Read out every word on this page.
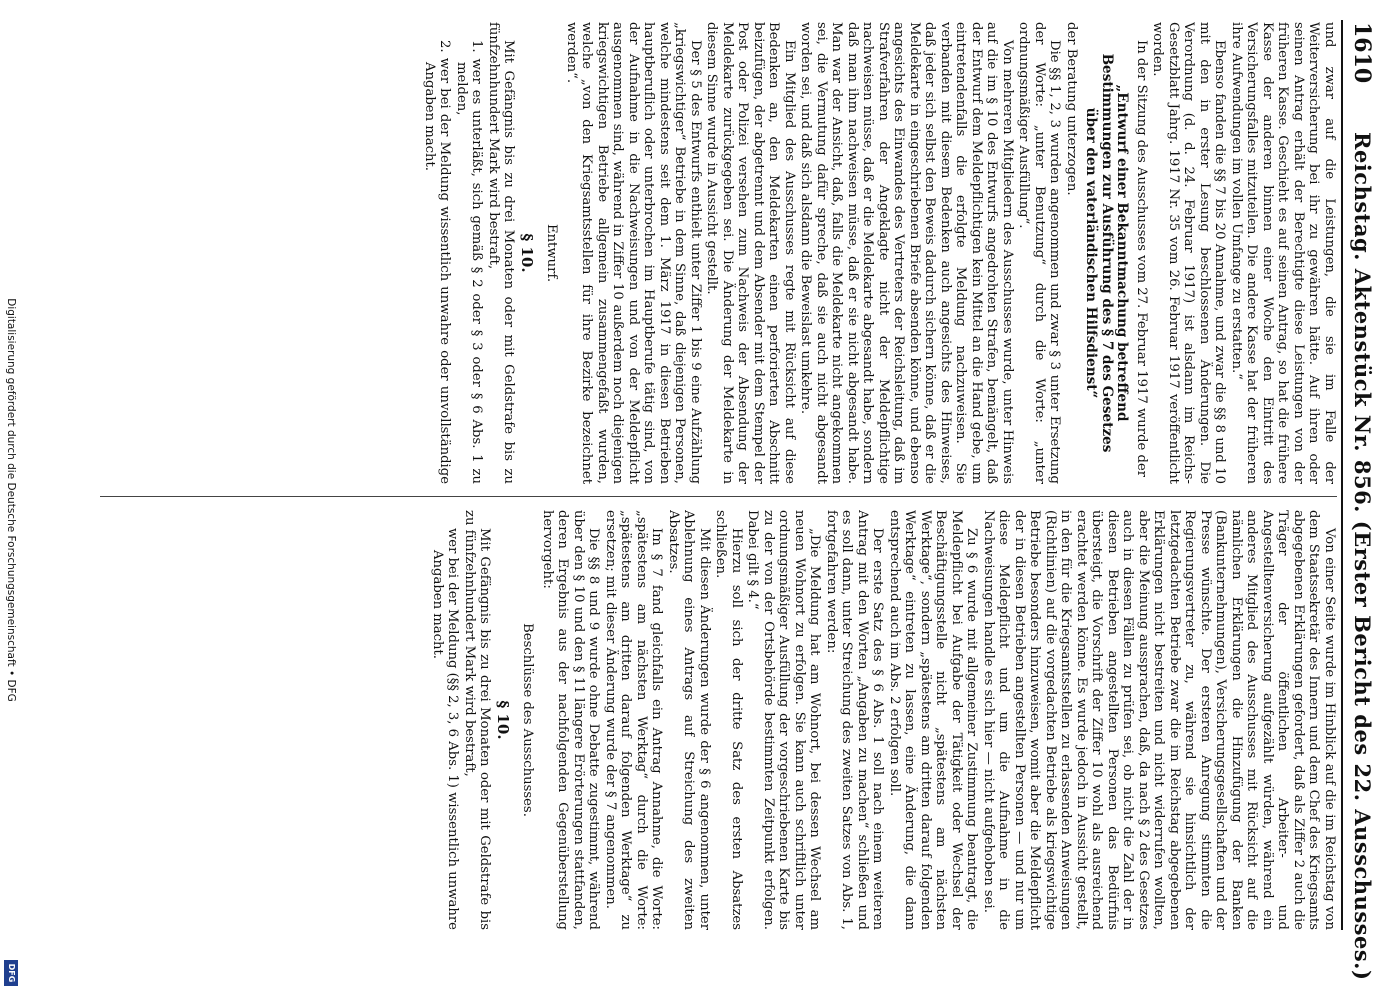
1610
Reichstag. Aktenstück Nr. 856. (Erster Bericht des 22. Ausschusses.)

und zwar auf die Leistungen, die sie im Falle der Weiterversicherung bei ihr zu gewähren hätte. Auf ihren oder seinen Antrag erhält der Berechtigte diese Leistungen von der früheren Kasse. Geschieht es auf seinen Antrag, so hat die frühere Kasse der anderen binnen einer Woche den Eintritt des Versicherungsfalles mitzuteilen. Die andere Kasse hat der früheren ihre Aufwendungen im vollen Umfange zu erstatten.“

Ebenso fanden die §§ 7 bis 20 Annahme, und zwar die §§ 8 und 10 mit den in erster Lesung beschlossenen Änderungen. Die Verordnung (d. d. 24. Februar 1917) ist alsdann im Reichs-Gesetzblatt Jahrg. 1917 Nr. 35 vom 26. Februar 1917 veröffentlicht worden.

In der Sitzung des Ausschusses vom 27. Februar 1917 wurde der

„Entwurf einer Bekanntmachung betreffend Bestimmungen zur Ausführung des § 7 des Gesetzes über den vaterländischen Hilfsdienst“

der Beratung unterzogen.

Die §§ 1, 2, 3 wurden angenommen und zwar § 3 unter Ersetzung der Worte: „unter Benutzung“ durch die Worte: „unter ordnungsmäßiger Ausfüllung“.

Von mehreren Mitgliedern des Ausschusses wurde, unter Hinweis auf die im § 10 des Entwurfs angedrohten Strafen, bemängelt, daß der Entwurf dem Meldepflichtigen kein Mittel an die Hand gebe, um eintretendenfalls die erfolgte Meldung nachzuweisen. Sie verbanden mit diesem Bedenken auch angesichts des Hinweises, daß jeder sich selbst den Beweis dadurch sichern könne, daß er die Meldekarte in eingeschriebenen Briefe absenden könne, und ebenso angesichts des Einwandes des Vertreters der Reichsleitung, daß im Strafverfahren der Angeklagte nicht der Meldepflichtige nachweisen müsse, daß er die Meldekarte abgesandt habe, sondern daß man ihm nachweisen müsse, daß er sie nicht abgesandt habe. Man war der Ansicht, daß, falls die Meldekarte nicht angekommen sei, die Vermutung dafür spreche, daß sie auch nicht abgesandt worden sei, und daß sich alsdann die Beweislast umkehre.

Ein Mitglied des Ausschusses regte mit Rücksicht auf diese Bedenken an, den Meldekarten einen perforierten Abschnitt beizufügen, der abgetrennt und dem Absender mit dem Stempel der Post oder Polizei versehen zum Nachweis der Absendung der Meldekarte zurückgegeben sei. Die Änderung der Meldekarte in diesem Sinne wurde in Aussicht gestellt.

Der § 5 des Entwurfs enthielt unter Ziffer 1 bis 9 eine Aufzählung „kriegswichtiger“ Betriebe in dem Sinne, daß diejenigen Personen, welche mindestens seit dem 1. März 1917 in diesen Betrieben hauptberuflich oder unterbrochen im Hauptberufe tätig sind, von der Aufnahme in die Nachweisungen und von der Meldepflicht ausgenommen sind, während in Ziffer 10 außerdem noch diejenigen kriegswichtigen Betriebe allgemein zusammengefaßt wurden, welche „von den Kriegsamtsstellen für ihre Bezirke bezeichnet werden“.

Entwurf.

§ 10.

Mit Gefängnis bis zu drei Monaten oder mit Geldstrafe bis zu fünfzehnhundert Mark wird bestraft,

1. wer es unterläßt, sich gemäß § 2 oder § 3 oder § 6 Abs. 1 zu melden,

2. wer bei der Meldung wissentlich unwahre oder unvollständige Angaben macht.

Von einer Seite wurde im Hinblick auf die im Reichstag von dem Staatssekretär des Innern und dem Chef des Kriegsamts abgegebenen Erklärungen gefordert, daß als Ziffer 2 auch die Träger der öffentlichen Arbeiter- und Angestelltenversicherung aufgezählt würden, während ein anderes Mitglied des Ausschusses mit Rücksicht auf die nämlichen Erklärungen die Hinzufügung der Banken (Bankunternehmungen), Versicherungsgesellschaften und der Presse wünschte. Der ersteren Anregung stimmten die Regierungsvertreter zu, während sie hinsichtlich der letztgedachten Betriebe zwar die im Reichstag abgegebenen Erklärungen nicht bestreiten und nicht widerrufen wollten, aber die Meinung aussprachen, daß, da nach § 2 des Gesetzes auch in diesen Fällen zu prüfen sei, ob nicht die Zahl der in diesen Betrieben angestellten Personen das Bedürfnis übersteigt, die Vorschrift der Ziffer 10 wohl als ausreichend erachtet werden könne. Es wurde jedoch in Aussicht gestellt, in den für die Kriegsamtsstellen zu erlassenden Anweisungen (Richtlinien) auf die vorgedachten Betriebe als kriegswichtige Betriebe besonders hinzuweisen, womit aber die Meldepflicht der in diesen Betrieben angestellten Personen — und nur um diese Meldepflicht und um die Aufnahme in die Nachweisungen handle es sich hier — nicht aufgehoben sei.

Zu § 6 wurde mit allgemeiner Zustimmung beantragt, die Meldepflicht bei Aufgabe der Tätigkeit oder Wechsel der Beschäftigungsstelle nicht „spätestens am nächsten Werktage“, sondern „spätestens am dritten darauf folgenden Werktage“ eintreten zu lassen, eine Änderung, die dann entsprechend auch im Abs. 2 erfolgen soll.

Der erste Satz des § 6 Abs. 1 soll nach einem weiteren Antrag mit den Worten „Angaben zu machen“ schließen und es soll dann, unter Streichung des zweiten Satzes von Abs. 1, fortgefahren werden:

„Die Meldung hat am Wohnort, bei dessen Wechsel am neuen Wohnort zu erfolgen. Sie kann auch schriftlich unter ordnungsmäßiger Ausfüllung der vorgeschriebenen Karte bis zu der von der Ortsbehörde bestimmten Zeitpunkt erfolgen. Dabei gilt § 4.“

Hierzu soll sich der dritte Satz des ersten Absatzes schließen.

Mit diesen Änderungen wurde der § 6 angenommen, unter Ablehnung eines Antrags auf Streichung des zweiten Absatzes.

Im § 7 fand gleichfalls ein Antrag Annahme, die Worte: „spätestens am nächsten Werktag“ durch die Worte: „spätestens am dritten darauf folgenden Werktage“ zu ersetzen; mit dieser Änderung wurde der § 7 angenommen.

Die §§ 8 und 9 wurde ohne Debatte zugestimmt, während über den § 10 und den § 11 längere Erörterungen stattfanden, deren Ergebnis aus der nachfolgenden Gegenüberstellung hervorgeht:

Beschlüsse des Ausschusses.

§ 10.

Mit Gefängnis bis zu drei Monaten oder mit Geldstrafe bis zu fünfzehnhundert Mark wird bestraft,

wer bei der Meldung (§§ 2, 3, 6 Abs. 1) wissentlich unwahre Angaben macht.

Digitalisierung gefördert durch die Deutsche Forschungsgemeinschaft • DFG
DFG
